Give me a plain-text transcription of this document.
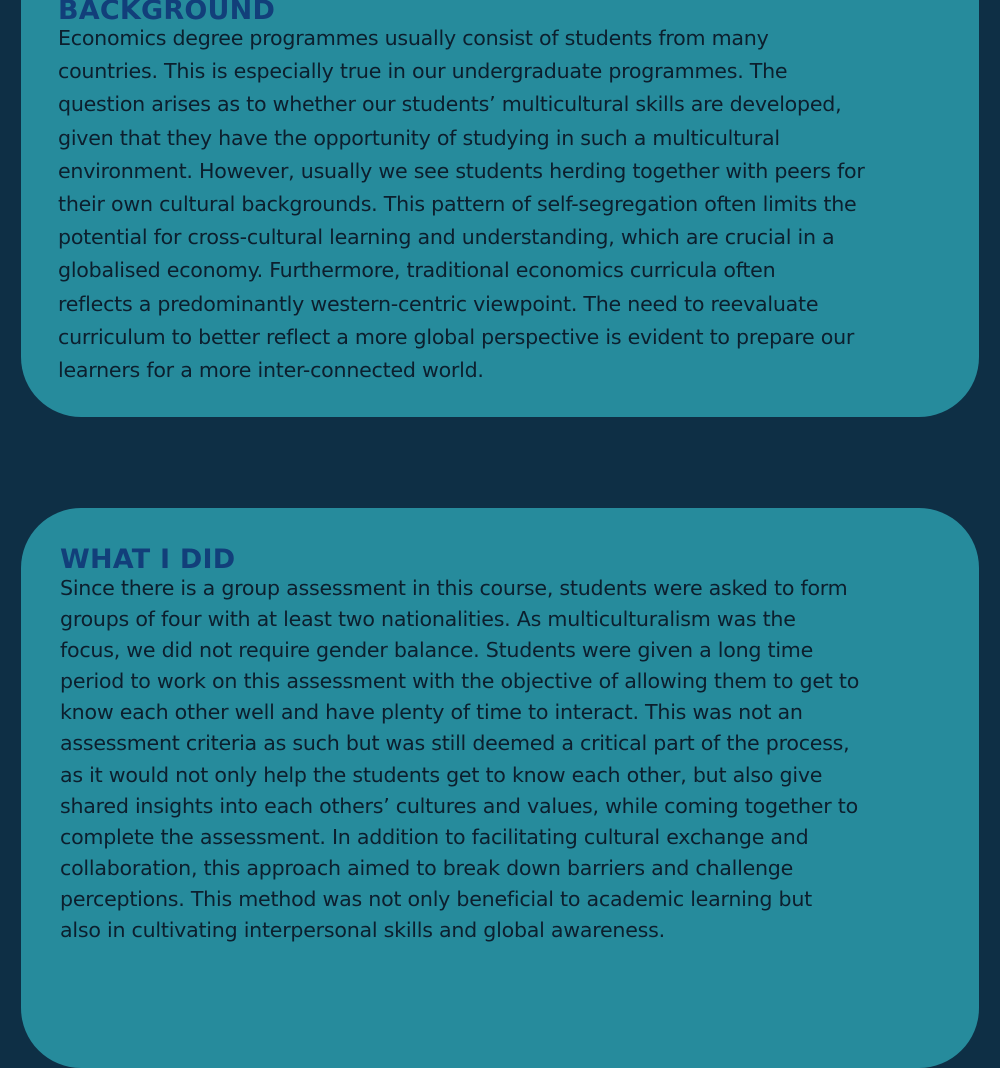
BACKGROUND

Economics degree programmes usually consist of students from many
countries. This is especially true in our undergraduate programmes. The
question arises as to whether our students’ multicultural skills are developed,
given that they have the opportunity of studying in such a multicultural
environment. However, usually we see students herding together with peers for
their own cultural backgrounds. This pattern of self-segregation often limits the
potential for cross-cultural learning and understanding, which are crucial in a
globalised economy. Furthermore, traditional economics curricula often
reflects a predominantly western-centric viewpoint. The need to reevaluate
curriculum to better reflect a more global perspective is evident to prepare our
learners for a more inter-connected world.

WHAT I DID

Since there is a group assessment in this course, students were asked to form
groups of four with at least two nationalities. As multiculturalism was the
focus, we did not require gender balance. Students were given a long time
period to work on this assessment with the objective of allowing them to get to
know each other well and have plenty of time to interact. This was not an
assessment criteria as such but was still deemed a critical part of the process,
as it would not only help the students get to know each other, but also give
shared insights into each others’ cultures and values, while coming together to
complete the assessment. In addition to facilitating cultural exchange and
collaboration, this approach aimed to break down barriers and challenge
perceptions. This method was not only beneficial to academic learning but
also in cultivating interpersonal skills and global awareness.
